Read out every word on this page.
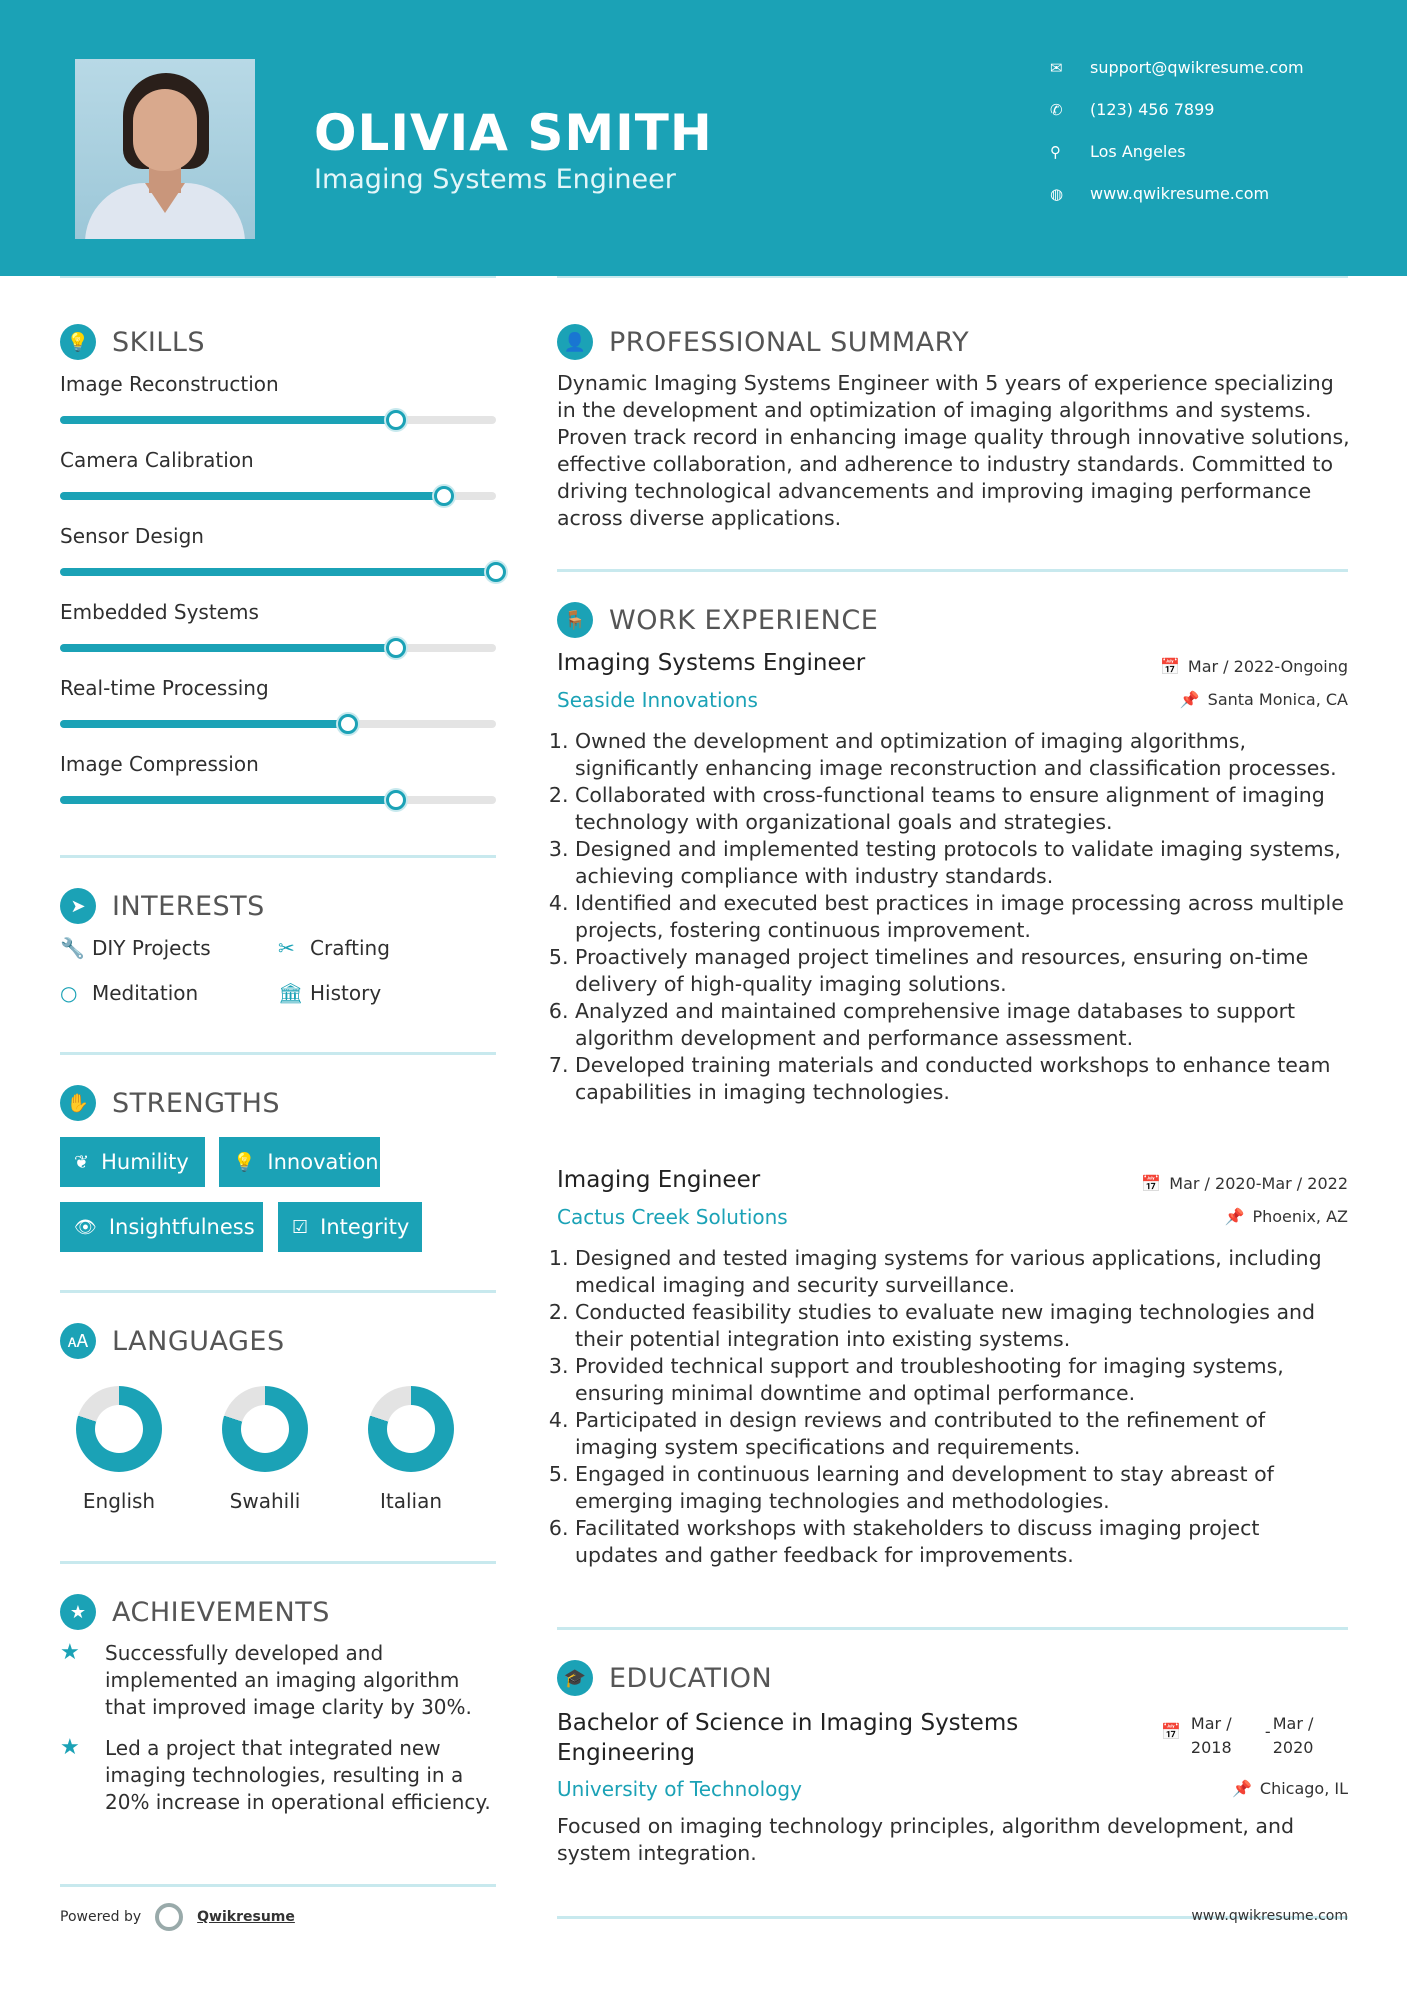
OLIVIA SMITH
Imaging Systems Engineer
✉	support@qwikresume.com
✆	(123) 456 7899
⚲	Los Angeles
◍	www.qwikresume.com
💡 SKILLS
Image Reconstruction
Camera Calibration
Sensor Design
Embedded Systems
Real-time Processing
Image Compression
➤ INTERESTS
🔧 DIY Projects	✂ Crafting
○ Meditation	🏛 History
✋ STRENGTHS
❦ Humility 💡 Innovation
👁 Insightfulness ☑ Integrity
🗚 LANGUAGES
English	Swahili	Italian
★ ACHIEVEMENTS
★	Successfully developed and implemented an imaging algorithm that improved image clarity by 30%.
★	Led a project that integrated new imaging technologies, resulting in a 20% increase in operational efficiency.
Powered by	Qwikresume
👤 PROFESSIONAL SUMMARY
Dynamic Imaging Systems Engineer with 5 years of experience specializing in the development and optimization of imaging algorithms and systems. Proven track record in enhancing image quality through innovative solutions, effective collaboration, and adherence to industry standards. Committed to driving technological advancements and improving imaging performance across diverse applications.
🪑 WORK EXPERIENCE
Imaging Systems Engineer	📅 Mar / 2022-Ongoing
Seaside Innovations	📌 Santa Monica, CA
1. Owned the development and optimization of imaging algorithms, significantly enhancing image reconstruction and classification processes.
2. Collaborated with cross-functional teams to ensure alignment of imaging technology with organizational goals and strategies.
3. Designed and implemented testing protocols to validate imaging systems, achieving compliance with industry standards.
4. Identified and executed best practices in image processing across multiple projects, fostering continuous improvement.
5. Proactively managed project timelines and resources, ensuring on-time delivery of high-quality imaging solutions.
6. Analyzed and maintained comprehensive image databases to support algorithm development and performance assessment.
7. Developed training materials and conducted workshops to enhance team capabilities in imaging technologies.
Imaging Engineer	📅 Mar / 2020-Mar / 2022
Cactus Creek Solutions	📌 Phoenix, AZ
1. Designed and tested imaging systems for various applications, including medical imaging and security surveillance.
2. Conducted feasibility studies to evaluate new imaging technologies and their potential integration into existing systems.
3. Provided technical support and troubleshooting for imaging systems, ensuring minimal downtime and optimal performance.
4. Participated in design reviews and contributed to the refinement of imaging system specifications and requirements.
5. Engaged in continuous learning and development to stay abreast of emerging imaging technologies and methodologies.
6. Facilitated workshops with stakeholders to discuss imaging project updates and gather feedback for improvements.
🎓 EDUCATION
Bachelor of Science in Imaging Systems Engineering
📅 Mar / 2018
- Mar / 2020
University of Technology	📌 Chicago, IL
Focused on imaging technology principles, algorithm development, and system integration.
www.qwikresume.com
